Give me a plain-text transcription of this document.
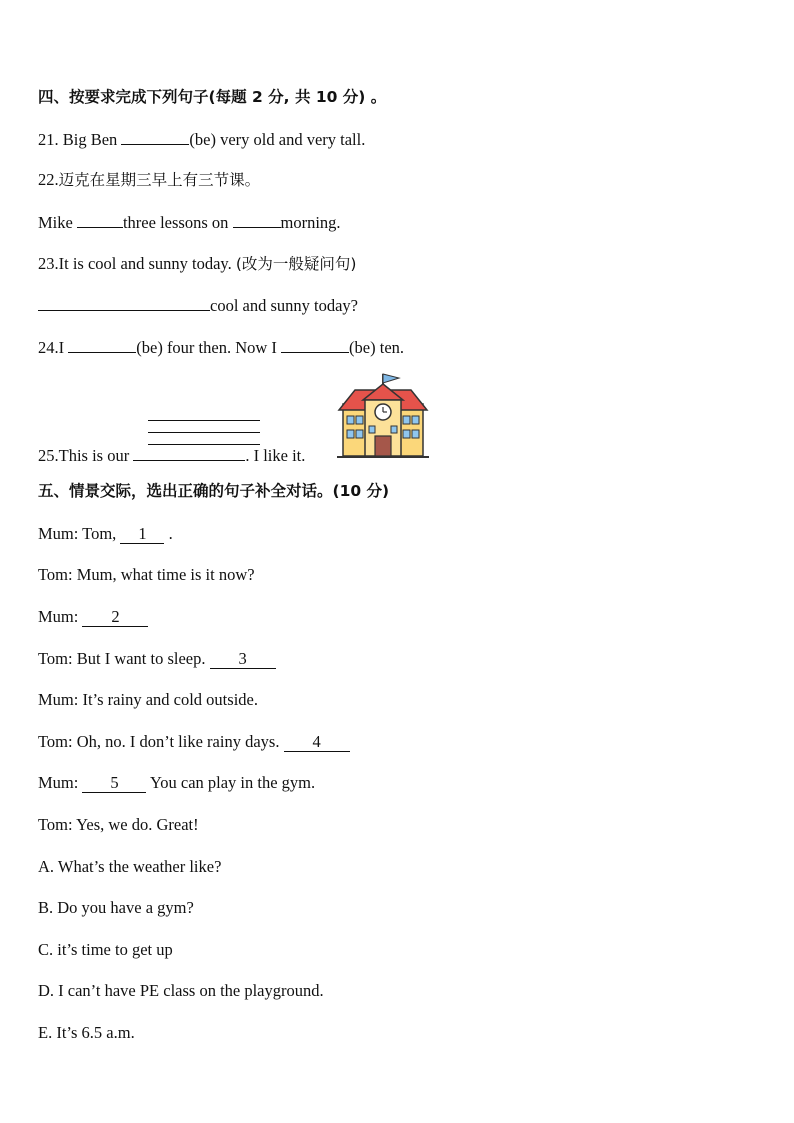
四、按要求完成下列句子(每题 2 分, 共 10 分) 。
21. Big Ben	(be) very old and very tall.
22.迈克在星期三早上有三节课。
Mike	three lessons on	morning.
23.It is cool and sunny today. (改为一般疑问句)
cool and sunny today?
24.I	(be) four then. Now I	(be) ten.
25.This is our	. I like it.
五、情景交际，选出正确的句子补全对话。(10 分)
Mum: Tom, 1 .
Tom: Mum, what time is it now?
Mum: 2
Tom: But I want to sleep. 3
Mum: It’s rainy and cold outside.
Tom: Oh, no. I don’t like rainy days. 4
Mum: 5 You can play in the gym.
Tom: Yes, we do. Great!
A. What’s the weather like?
B. Do you have a gym?
C. it’s time to get up
D. I can’t have PE class on the playground.
E. It’s 6.5 a.m.
